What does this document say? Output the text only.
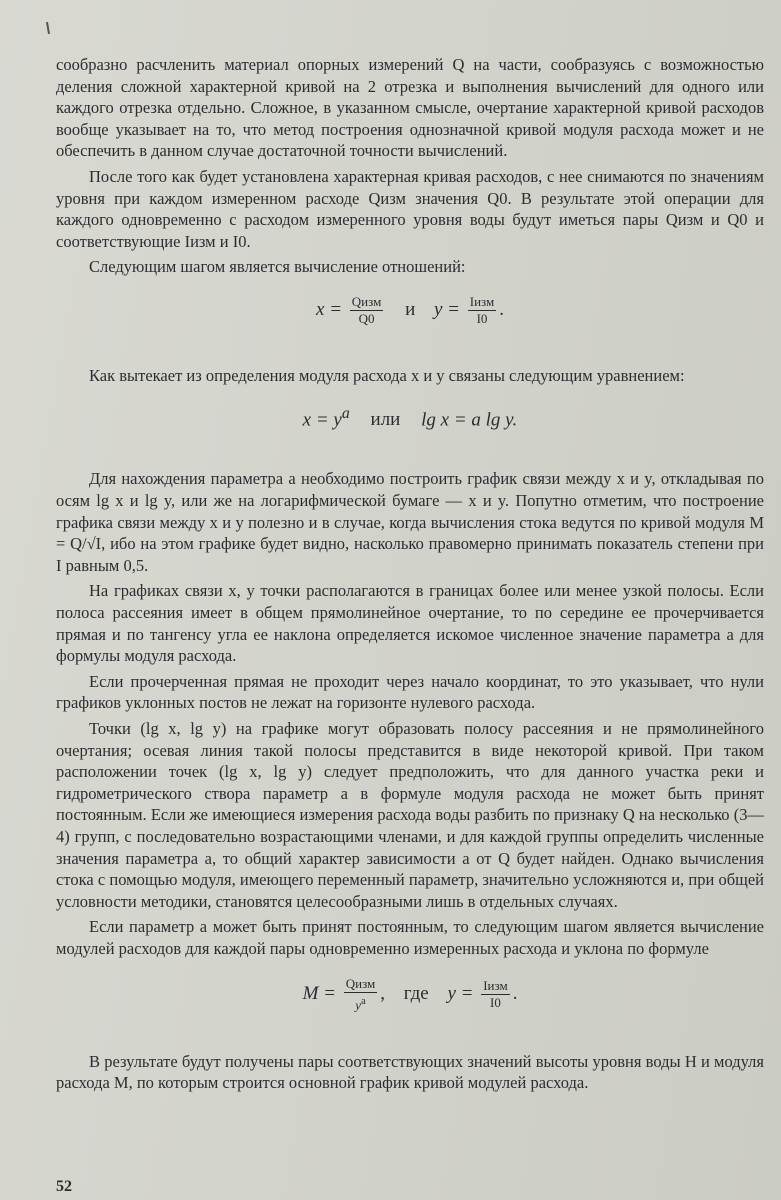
сообразно расчленить материал опорных измерений Q на части, сообразуясь с возможностью деления сложной характерной кривой на 2 отрезка и выполнения вычислений для одного или каждого отрезка отдельно. Сложное, в указанном смысле, очертание характерной кривой расходов вообще указывает на то, что метод построения однозначной кривой модуля расхода может и не обеспечить в данном случае достаточной точности вычислений.

После того как будет установлена характерная кривая расходов, с нее снимаются по значениям уровня при каждом измеренном расходе Qизм значения Q0. В результате этой операции для каждого одновременно с расходом измеренного уровня воды будут иметься пары Qизм и Q0 и соответствующие Iизм и I0.

Следующим шагом является вычисление отношений:

$x = \frac{\text{Qизм}}{Q0}$ и $y = \frac{\text{Iизм}}{I0}$ .

Как вытекает из определения модуля расхода x и y связаны следующим уравнением:

$x = y^a$ или lg x = a lg y.

Для нахождения параметра a необходимо построить график связи между x и y, откладывая по осям lg x и lg y, или же на логарифмической бумаге — x и y. Попутно отметим, что построение графика связи между x и y полезно и в случае, когда вычисления стока ведутся по кривой модуля M = Q/√I, ибо на этом графике будет видно, насколько правомерно принимать показатель степени при I равным 0,5.

На графиках связи x, y точки располагаются в границах более или менее узкой полосы. Если полоса рассеяния имеет в общем прямолинейное очертание, то по середине ее прочерчивается прямая и по тангенсу угла ее наклона определяется искомое численное значение параметра a для формулы модуля расхода.

Если прочерченная прямая не проходит через начало координат, то это указывает, что нули графиков уклонных постов не лежат на горизонте нулевого расхода.

Точки (lg x, lg y) на графике могут образовать полосу рассеяния и не прямолинейного очертания; осевая линия такой полосы представится в виде некоторой кривой. При таком расположении точек (lg x, lg y) следует предположить, что для данного участка реки и гидрометрического створа параметр a в формуле модуля расхода не может быть принят постоянным. Если же имеющиеся измерения расхода воды разбить по признаку Q на несколько (3—4) групп, с последовательно возрастающими членами, и для каждой группы определить численные значения параметра a, то общий характер зависимости a от Q будет найден. Однако вычисления стока с помощью модуля, имеющего переменный параметр, значительно усложняются и, при общей условности методики, становятся целесообразными лишь в отдельных случаях.

Если параметр a может быть принят постоянным, то следующим шагом является вычисление модулей расходов для каждой пары одновременно измеренных расхода и уклона по формуле

$M = \frac{\text{Qизм}}{y^a}$ , где $y = \frac{\text{Iизм}}{I0}$ .

В результате будут получены пары соответствующих значений высоты уровня воды H и модуля расхода M, по которым строится основной график кривой модулей расхода.

52
